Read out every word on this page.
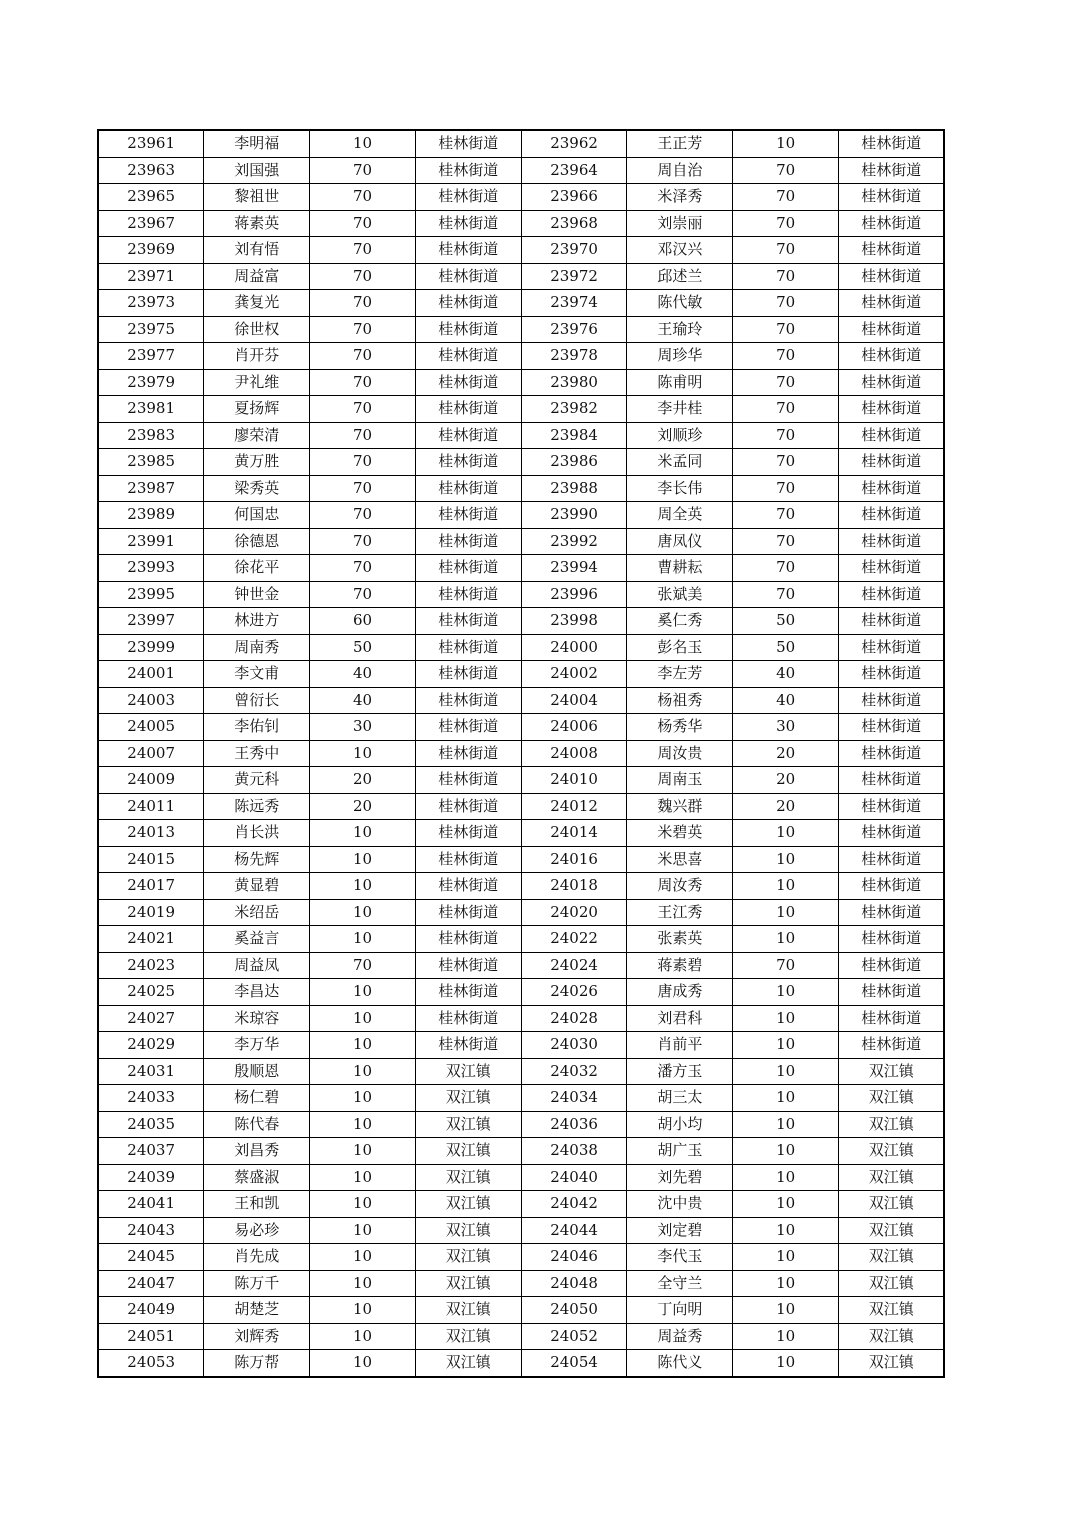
23961	李明福	10	桂林街道	23962	王正芳	10	桂林街道
23963	刘国强	70	桂林街道	23964	周自治	70	桂林街道
23965	黎祖世	70	桂林街道	23966	米泽秀	70	桂林街道
23967	蒋素英	70	桂林街道	23968	刘崇丽	70	桂林街道
23969	刘有悟	70	桂林街道	23970	邓汉兴	70	桂林街道
23971	周益富	70	桂林街道	23972	邱述兰	70	桂林街道
23973	龚复光	70	桂林街道	23974	陈代敏	70	桂林街道
23975	徐世权	70	桂林街道	23976	王瑜玲	70	桂林街道
23977	肖开芬	70	桂林街道	23978	周珍华	70	桂林街道
23979	尹礼维	70	桂林街道	23980	陈甫明	70	桂林街道
23981	夏扬辉	70	桂林街道	23982	李井桂	70	桂林街道
23983	廖荣清	70	桂林街道	23984	刘顺珍	70	桂林街道
23985	黄万胜	70	桂林街道	23986	米孟同	70	桂林街道
23987	梁秀英	70	桂林街道	23988	李长伟	70	桂林街道
23989	何国忠	70	桂林街道	23990	周全英	70	桂林街道
23991	徐德恩	70	桂林街道	23992	唐凤仪	70	桂林街道
23993	徐花平	70	桂林街道	23994	曹耕耘	70	桂林街道
23995	钟世金	70	桂林街道	23996	张斌美	70	桂林街道
23997	林进方	60	桂林街道	23998	奚仁秀	50	桂林街道
23999	周南秀	50	桂林街道	24000	彭名玉	50	桂林街道
24001	李文甫	40	桂林街道	24002	李左芳	40	桂林街道
24003	曾衍长	40	桂林街道	24004	杨祖秀	40	桂林街道
24005	李佑钊	30	桂林街道	24006	杨秀华	30	桂林街道
24007	王秀中	10	桂林街道	24008	周汝贵	20	桂林街道
24009	黄元科	20	桂林街道	24010	周南玉	20	桂林街道
24011	陈远秀	20	桂林街道	24012	魏兴群	20	桂林街道
24013	肖长洪	10	桂林街道	24014	米碧英	10	桂林街道
24015	杨先辉	10	桂林街道	24016	米思喜	10	桂林街道
24017	黄显碧	10	桂林街道	24018	周汝秀	10	桂林街道
24019	米绍岳	10	桂林街道	24020	王江秀	10	桂林街道
24021	奚益言	10	桂林街道	24022	张素英	10	桂林街道
24023	周益凤	70	桂林街道	24024	蒋素碧	70	桂林街道
24025	李昌达	10	桂林街道	24026	唐成秀	10	桂林街道
24027	米琼容	10	桂林街道	24028	刘君科	10	桂林街道
24029	李万华	10	桂林街道	24030	肖前平	10	桂林街道
24031	殷顺恩	10	双江镇	24032	潘方玉	10	双江镇
24033	杨仁碧	10	双江镇	24034	胡三太	10	双江镇
24035	陈代春	10	双江镇	24036	胡小均	10	双江镇
24037	刘昌秀	10	双江镇	24038	胡广玉	10	双江镇
24039	蔡盛淑	10	双江镇	24040	刘先碧	10	双江镇
24041	王和凯	10	双江镇	24042	沈中贵	10	双江镇
24043	易必珍	10	双江镇	24044	刘定碧	10	双江镇
24045	肖先成	10	双江镇	24046	李代玉	10	双江镇
24047	陈万千	10	双江镇	24048	全守兰	10	双江镇
24049	胡楚芝	10	双江镇	24050	丁向明	10	双江镇
24051	刘辉秀	10	双江镇	24052	周益秀	10	双江镇
24053	陈万帮	10	双江镇	24054	陈代义	10	双江镇
